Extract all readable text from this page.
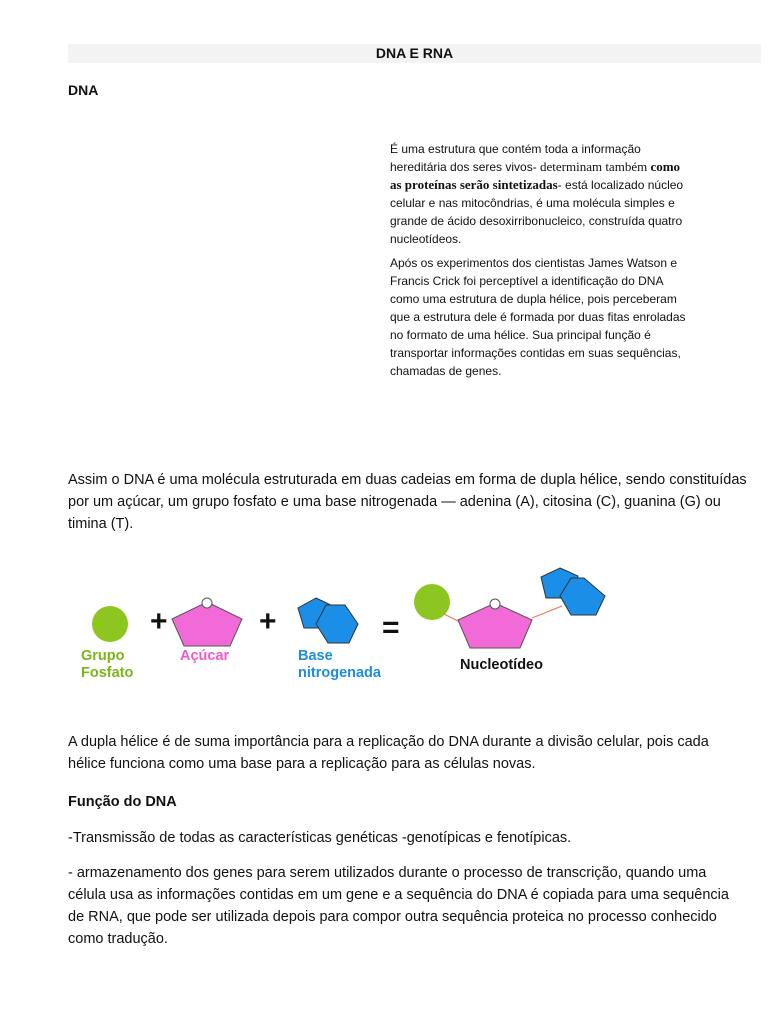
DNA E RNA
DNA

É uma estrutura que contém toda a informação hereditária dos seres vivos- determinam também como as proteínas serão sintetizadas- está localizado núcleo celular e nas mitocôndrias, é uma molécula simples e grande de ácido desoxirribonucleico, construída quatro nucleotídeos.

Após os experimentos dos cientistas James Watson e Francis Crick foi perceptível a identificação do DNA como uma estrutura de dupla hélice, pois perceberam que a estrutura dele é formada por duas fitas enroladas no formato de uma hélice. Sua principal função é transportar informações contidas em suas sequências, chamadas de genes.

Assim o DNA é uma molécula estruturada em duas cadeias em forma de dupla hélice, sendo constituídas por um açúcar, um grupo fosfato e uma base nitrogenada — adenina (A), citosina (C), guanina (G) ou timina (T).

+	+	=
Grupo
Fosfato
Açúcar	Base
nitrogenada	Nucleotídeo

A dupla hélice é de suma importância para a replicação do DNA durante a divisão celular, pois cada hélice funciona como uma base para a replicação para as células novas.

Função do DNA

-Transmissão de todas as características genéticas -genotípicas e fenotípicas.

- armazenamento dos genes para serem utilizados durante o processo de transcrição, quando uma célula usa as informações contidas em um gene e a sequência do DNA é copiada para uma sequência de RNA, que pode ser utilizada depois para compor outra sequência proteica no processo conhecido como tradução.
